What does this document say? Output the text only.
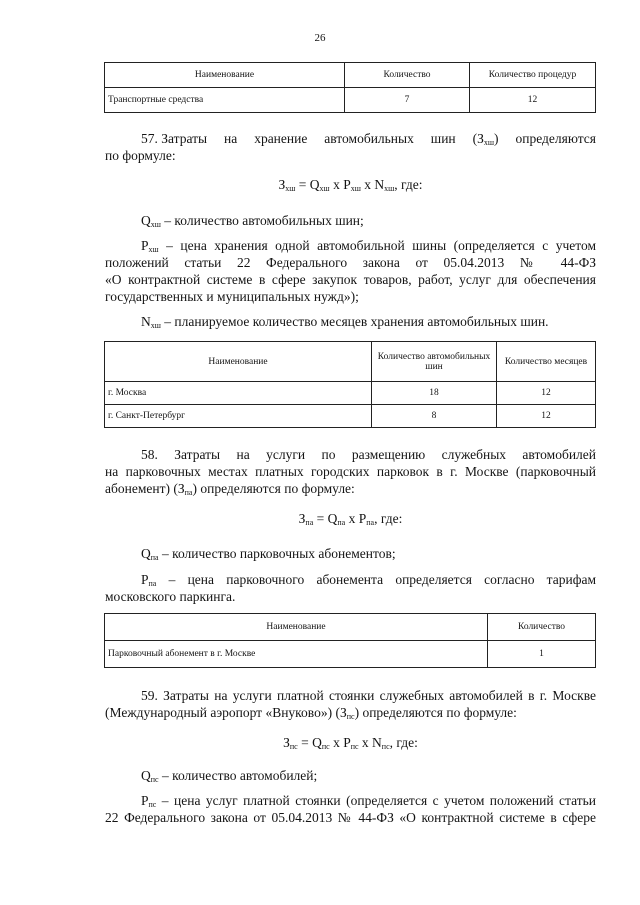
26
Наименование	Количество	Количество процедур
Транспортные средства	7	12
57. Затраты на хранение автомобильных шин $(З_{хш})$ определяются
по формуле:
$З_{хш} = Q_{хш}$ х $P_{хш}$ х $N_{хш}$, где:
$Q_{хш}$ – количество автомобильных шин;
$P_{хш}$ – цена хранения одной автомобильной шины (определяется с учетом
положений статьи 22 Федерального закона от 05.04.2013 № 44-ФЗ
«О контрактной системе в сфере закупок товаров, работ, услуг для обеспечения
государственных и муниципальных нужд»);
$N_{хш}$ – планируемое количество месяцев хранения автомобильных шин.
Наименование	Количество автомобильных шин	Количество месяцев
г. Москва	18	12
г. Санкт-Петербург	8	12
58. Затраты на услуги по размещению служебных автомобилей
на парковочных местах платных городских парковок в г. Москве (парковочный
абонемент) $(З_{па})$ определяются по формуле:
$З_{па} = Q_{па}$ х $P_{па}$, где:
$Q_{па}$ – количество парковочных абонементов;
$P_{па}$ – цена парковочного абонемента определяется согласно тарифам
московского паркинга.
Наименование	Количество
Парковочный абонемент в г. Москве	1
59. Затраты на услуги платной стоянки служебных автомобилей в г. Москве
(Международный аэропорт «Внуково») $(З_{пс})$ определяются по формуле:
$З_{пс} = Q_{пс}$ х $P_{пс}$ х $N_{пс}$, где:
$Q_{пс}$ – количество автомобилей;
$P_{пс}$ – цена услуг платной стоянки (определяется с учетом положений статьи
22 Федерального закона от 05.04.2013 № 44-ФЗ «О контрактной системе в сфере
